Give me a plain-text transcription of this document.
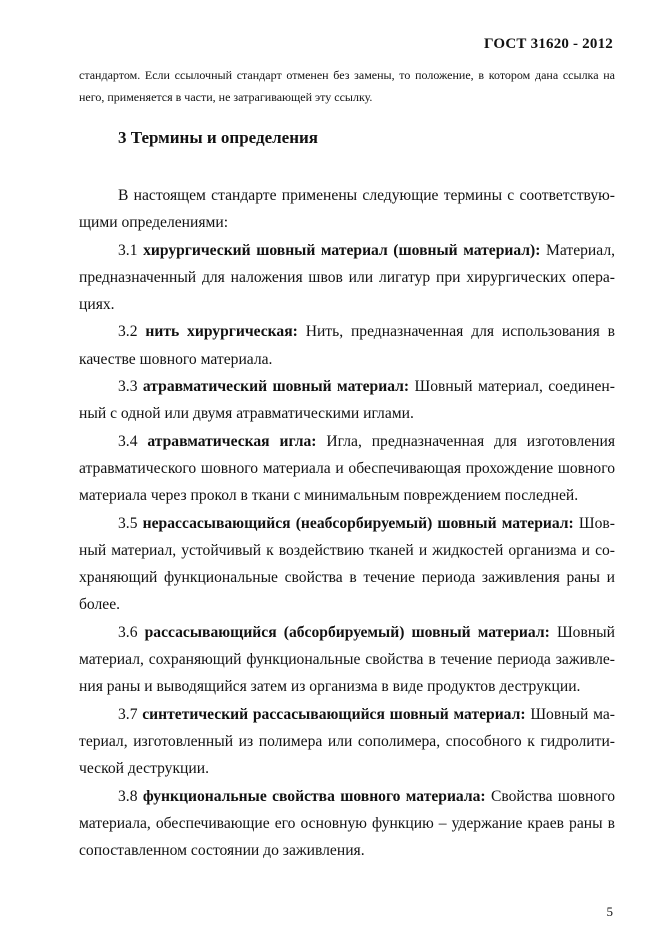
ГОСТ 31620 - 2012
стандартом. Если ссылочный стандарт отменен без замены, то положение, в котором дана ссылка на него, применяется в части, не затрагивающей эту ссылку.
3 Термины и определения

В настоящем стандарте применены следующие термины с соответствую-щими определениями:

3.1 хирургический шовный материал (шовный материал): Материал, предназначенный для наложения швов или лигатур при хирургических опера-циях.

3.2 нить хирургическая: Нить, предназначенная для использования в качестве шовного материала.

3.3 атравматический шовный материал: Шовный материал, соединен-ный с одной или двумя атравматическими иглами.

3.4 атравматическая игла: Игла, предназначенная для изготовления атравматического шовного материала и обеспечивающая прохождение шовного материала через прокол в ткани с минимальным повреждением последней.

3.5 нерассасывающийся (неабсорбируемый) шовный материал: Шов-ный материал, устойчивый к воздействию тканей и жидкостей организма и со-храняющий функциональные свойства в течение периода заживления раны и более.

3.6 рассасывающийся (абсорбируемый) шовный материал: Шовный материал, сохраняющий функциональные свойства в течение периода заживле-ния раны и выводящийся затем из организма в виде продуктов деструкции.

3.7 синтетический рассасывающийся шовный материал: Шовный ма-териал, изготовленный из полимера или сополимера, способного к гидролити-ческой деструкции.

3.8 функциональные свойства шовного материала: Свойства шовного материала, обеспечивающие его основную функцию – удержание краев раны в сопоставленном состоянии до заживления.

5
